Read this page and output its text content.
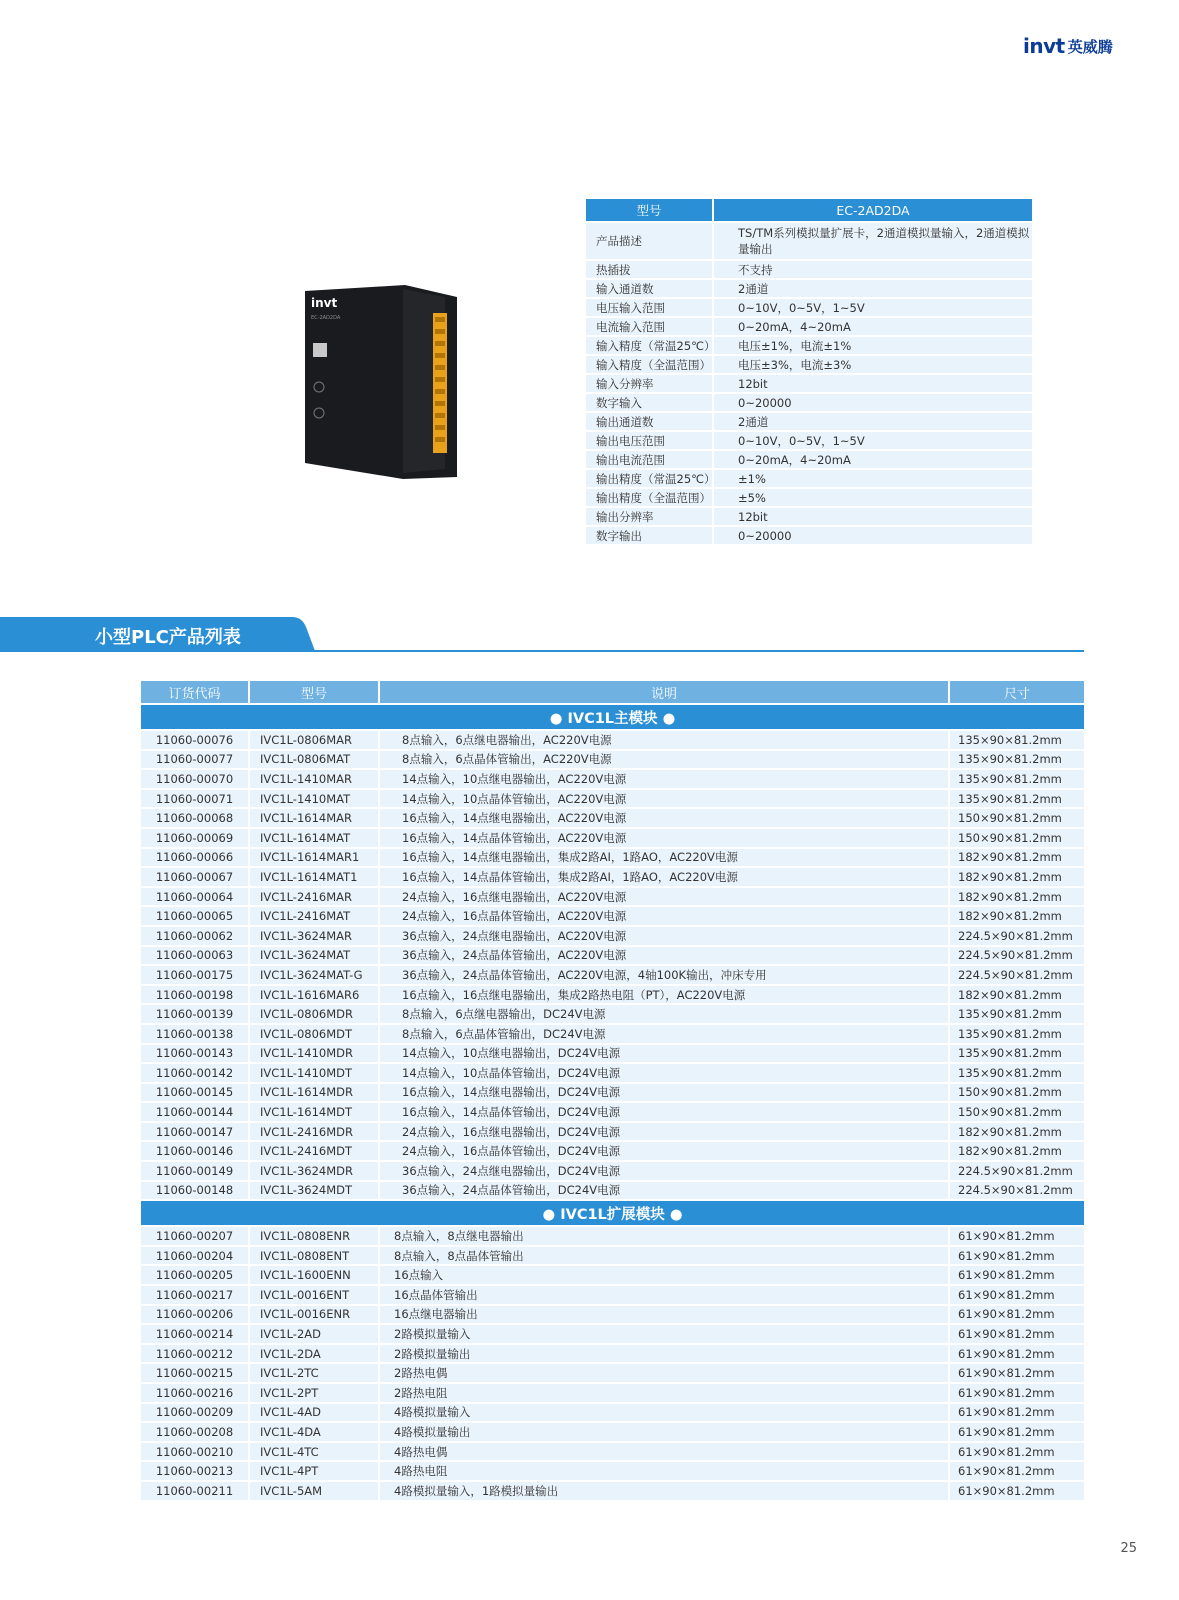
invt 英威腾
invt
EC-2AD2DA
型号		EC-2AD2DA
产品描述		TS/TM系列模拟量扩展卡，2通道模拟量输入，2通道模拟量输出
热插拔		不支持
输入通道数		2通道
电压输入范围		0~10V，0~5V，1~5V
电流输入范围		0~20mA，4~20mA
输入精度（常温25℃）		电压±1%，电流±1%
输入精度（全温范围）		电压±3%，电流±3%
输入分辨率		12bit
数字输入		0~20000
输出通道数		2通道
输出电压范围		0~10V，0~5V，1~5V
输出电流范围		0~20mA，4~20mA
输出精度（常温25℃）		±1%
输出精度（全温范围）		±5%
输出分辨率		12bit
数字输出		0~20000
小型PLC产品列表
订货代码		型号		说明		尺寸
● IVC1L主模块 ●						
11060-00076		IVC1L-0806MAR		8点输入，6点继电器输出，AC220V电源		135×90×81.2mm
11060-00077		IVC1L-0806MAT		8点输入，6点晶体管输出，AC220V电源		135×90×81.2mm
11060-00070		IVC1L-1410MAR		14点输入，10点继电器输出，AC220V电源		135×90×81.2mm
11060-00071		IVC1L-1410MAT		14点输入，10点晶体管输出，AC220V电源		135×90×81.2mm
11060-00068		IVC1L-1614MAR		16点输入，14点继电器输出，AC220V电源		150×90×81.2mm
11060-00069		IVC1L-1614MAT		16点输入，14点晶体管输出，AC220V电源		150×90×81.2mm
11060-00066		IVC1L-1614MAR1		16点输入，14点继电器输出，集成2路AI，1路AO，AC220V电源		182×90×81.2mm
11060-00067		IVC1L-1614MAT1		16点输入，14点晶体管输出，集成2路AI，1路AO，AC220V电源		182×90×81.2mm
11060-00064		IVC1L-2416MAR		24点输入，16点继电器输出，AC220V电源		182×90×81.2mm
11060-00065		IVC1L-2416MAT		24点输入，16点晶体管输出，AC220V电源		182×90×81.2mm
11060-00062		IVC1L-3624MAR		36点输入，24点继电器输出，AC220V电源		224.5×90×81.2mm
11060-00063		IVC1L-3624MAT		36点输入，24点晶体管输出，AC220V电源		224.5×90×81.2mm
11060-00175		IVC1L-3624MAT-G		36点输入，24点晶体管输出，AC220V电源，4轴100K输出，冲床专用		224.5×90×81.2mm
11060-00198		IVC1L-1616MAR6		16点输入，16点继电器输出，集成2路热电阻（PT），AC220V电源		182×90×81.2mm
11060-00139		IVC1L-0806MDR		8点输入，6点继电器输出，DC24V电源		135×90×81.2mm
11060-00138		IVC1L-0806MDT		8点输入，6点晶体管输出，DC24V电源		135×90×81.2mm
11060-00143		IVC1L-1410MDR		14点输入，10点继电器输出，DC24V电源		135×90×81.2mm
11060-00142		IVC1L-1410MDT		14点输入，10点晶体管输出，DC24V电源		135×90×81.2mm
11060-00145		IVC1L-1614MDR		16点输入，14点继电器输出，DC24V电源		150×90×81.2mm
11060-00144		IVC1L-1614MDT		16点输入，14点晶体管输出，DC24V电源		150×90×81.2mm
11060-00147		IVC1L-2416MDR		24点输入，16点继电器输出，DC24V电源		182×90×81.2mm
11060-00146		IVC1L-2416MDT		24点输入，16点晶体管输出，DC24V电源		182×90×81.2mm
11060-00149		IVC1L-3624MDR		36点输入，24点继电器输出，DC24V电源		224.5×90×81.2mm
11060-00148		IVC1L-3624MDT		36点输入，24点晶体管输出，DC24V电源		224.5×90×81.2mm
● IVC1L扩展模块 ●						
11060-00207		IVC1L-0808ENR		8点输入，8点继电器输出		61×90×81.2mm
11060-00204		IVC1L-0808ENT		8点输入，8点晶体管输出		61×90×81.2mm
11060-00205		IVC1L-1600ENN		16点输入		61×90×81.2mm
11060-00217		IVC1L-0016ENT		16点晶体管输出		61×90×81.2mm
11060-00206		IVC1L-0016ENR		16点继电器输出		61×90×81.2mm
11060-00214		IVC1L-2AD		2路模拟量输入		61×90×81.2mm
11060-00212		IVC1L-2DA		2路模拟量输出		61×90×81.2mm
11060-00215		IVC1L-2TC		2路热电偶		61×90×81.2mm
11060-00216		IVC1L-2PT		2路热电阻		61×90×81.2mm
11060-00209		IVC1L-4AD		4路模拟量输入		61×90×81.2mm
11060-00208		IVC1L-4DA		4路模拟量输出		61×90×81.2mm
11060-00210		IVC1L-4TC		4路热电偶		61×90×81.2mm
11060-00213		IVC1L-4PT		4路热电阻		61×90×81.2mm
11060-00211		IVC1L-5AM		4路模拟量输入，1路模拟量输出		61×90×81.2mm
25
